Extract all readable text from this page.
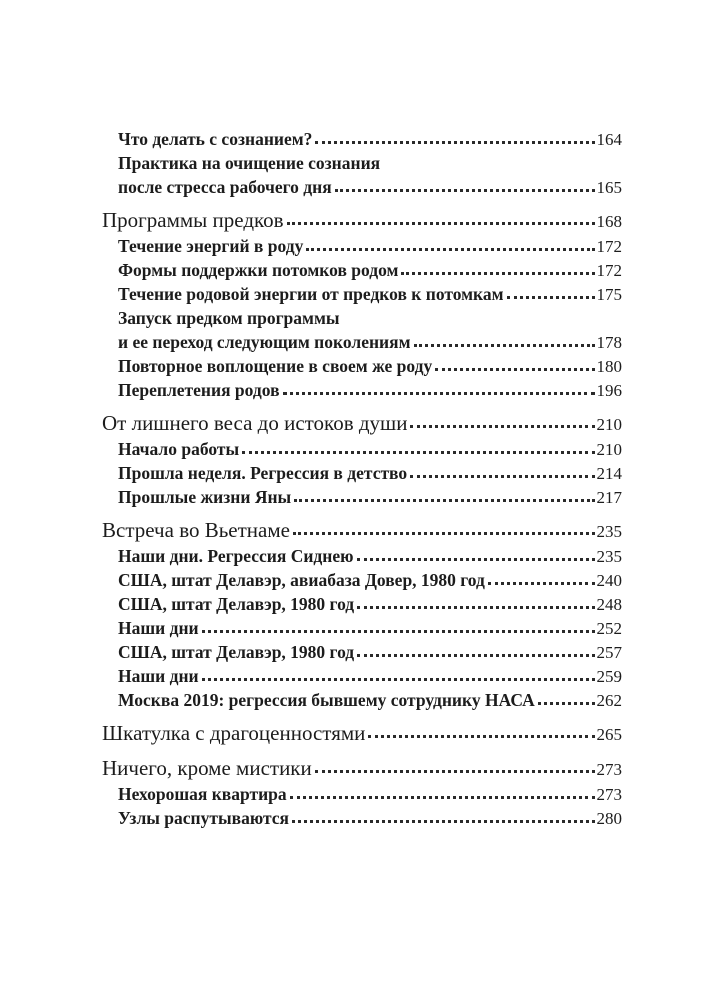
Что делать с сознанием?	164
Практика на очищение сознания
после стресса рабочего дня	165
Программы предков	168
Течение энергий в роду	172
Формы поддержки потомков родом	172
Течение родовой энергии от предков к потомкам	175
Запуск предком программы
и ее переход следующим поколениям	178
Повторное воплощение в своем же роду	180
Переплетения родов	196
От лишнего веса до истоков души	210
Начало работы	210
Прошла неделя. Регрессия в детство	214
Прошлые жизни Яны	217
Встреча во Вьетнаме	235
Наши дни. Регрессия Сиднею	235
США, штат Делавэр, авиабаза Довер, 1980 год	240
США, штат Делавэр, 1980 год	248
Наши дни	252
США, штат Делавэр, 1980 год	257
Наши дни	259
Москва 2019: регрессия бывшему сотруднику НАСА	262
Шкатулка с драгоценностями	265
Ничего, кроме мистики	273
Нехорошая квартира	273
Узлы распутываются	280
